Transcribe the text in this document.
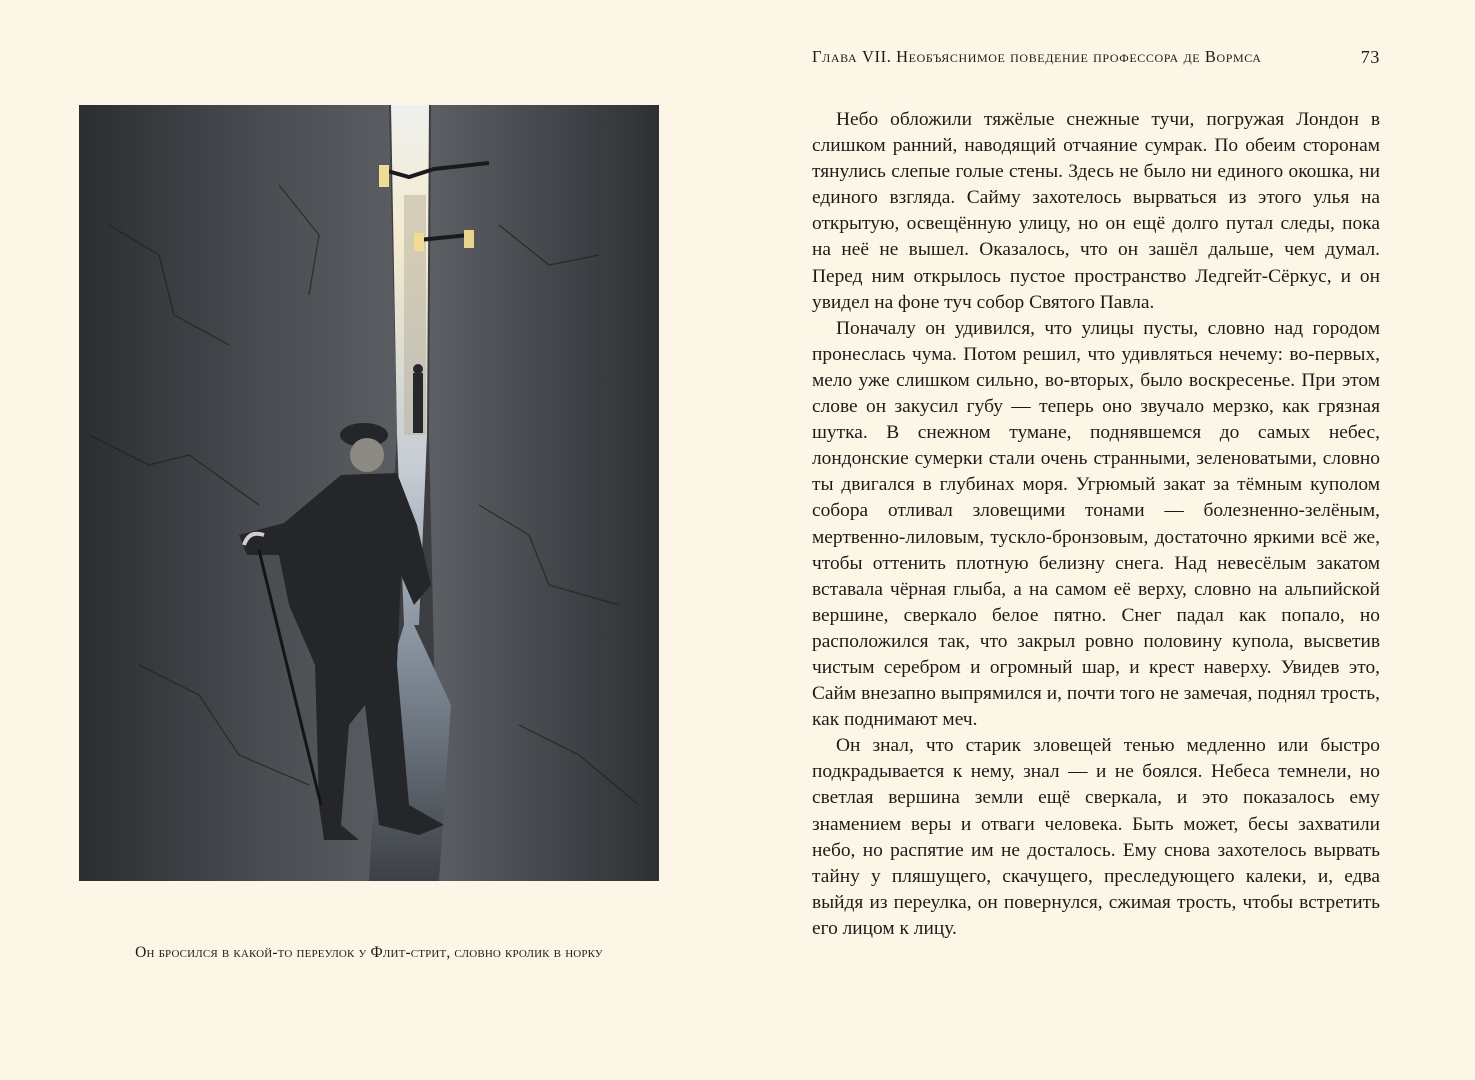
Он бросился в какой-то переулок у Флит-стрит, словно кролик в норку
Глава VII. Необъяснимое поведение профессора де Вормса	73

Небо обложили тяжёлые снежные тучи, погружая Лондон в слишком ранний, наводящий отчаяние сумрак. По обеим сторонам тянулись слепые голые стены. Здесь не было ни единого окошка, ни единого взгляда. Сайму захотелось вырваться из этого улья на открытую, освещённую улицу, но он ещё долго путал следы, пока на неё не вышел. Оказалось, что он зашёл дальше, чем думал. Перед ним открылось пустое пространство Ледгейт-Сёркус, и он увидел на фоне туч собор Святого Павла.

Поначалу он удивился, что улицы пусты, словно над городом пронеслась чума. Потом решил, что удивляться нечему: во-первых, мело уже слишком сильно, во-вторых, было воскресенье. При этом слове он закусил губу — теперь оно звучало мерзко, как грязная шутка. В снежном тумане, поднявшемся до самых небес, лондонские сумерки стали очень странными, зеленоватыми, словно ты двигался в глубинах моря. Угрюмый закат за тёмным куполом собора отливал зловещими тонами — болезненно-зелёным, мертвенно-лиловым, тускло-бронзовым, достаточно яркими всё же, чтобы оттенить плотную белизну снега. Над невесёлым закатом вставала чёрная глыба, а на самом её верху, словно на альпийской вершине, сверкало белое пятно. Снег падал как попало, но расположился так, что закрыл ровно половину купола, высветив чистым серебром и огромный шар, и крест наверху. Увидев это, Сайм внезапно выпрямился и, почти того не замечая, поднял трость, как поднимают меч.

Он знал, что старик зловещей тенью медленно или быстро подкрадывается к нему, знал — и не боялся. Небеса темнели, но светлая вершина земли ещё сверкала, и это показалось ему знамением веры и отваги человека. Быть может, бесы захватили небо, но распятие им не досталось. Ему снова захотелось вырвать тайну у пляшущего, скачущего, преследующего калеки, и, едва выйдя из переулка, он повернулся, сжимая трость, чтобы встретить его лицом к лицу.
